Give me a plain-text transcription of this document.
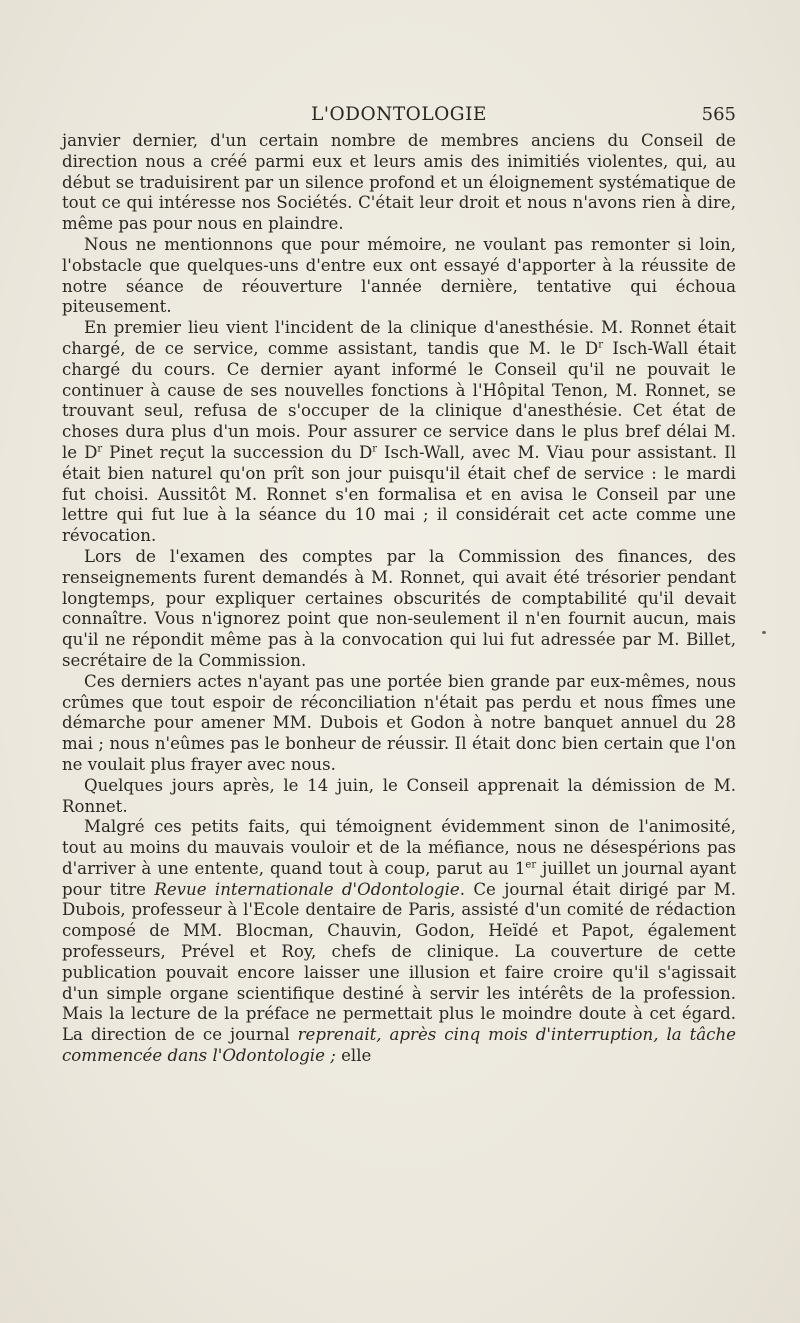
L'ODONTOLOGIE	565

janvier dernier, d'un certain nombre de membres anciens du Conseil de direction nous a créé parmi eux et leurs amis des inimitiés violentes, qui, au début se traduisirent par un silence profond et un éloignement systématique de tout ce qui intéresse nos Sociétés. C'était leur droit et nous n'avons rien à dire, même pas pour nous en plaindre.

Nous ne mentionnons que pour mémoire, ne voulant pas remonter si loin, l'obstacle que quelques-uns d'entre eux ont essayé d'apporter à la réussite de notre séance de réouverture l'année dernière, tentative qui échoua piteusement.

En premier lieu vient l'incident de la clinique d'anesthésie. M. Ronnet était chargé, de ce service, comme assistant, tandis que M. le $D^r$ Isch-Wall était chargé du cours. Ce dernier ayant informé le Conseil qu'il ne pouvait le continuer à cause de ses nouvelles fonctions à l'Hôpital Tenon, M. Ronnet, se trouvant seul, refusa de s'occuper de la clinique d'anesthésie. Cet état de choses dura plus d'un mois. Pour assurer ce service dans le plus bref délai M. le $D^r$ Pinet reçut la succession du $D^r$ Isch-Wall, avec M. Viau pour assistant. Il était bien naturel qu'on prît son jour puisqu'il était chef de service : le mardi fut choisi. Aussitôt M. Ronnet s'en formalisa et en avisa le Conseil par une lettre qui fut lue à la séance du 10 mai ; il considérait cet acte comme une révocation.

Lors de l'examen des comptes par la Commission des finances, des renseignements furent demandés à M. Ronnet, qui avait été trésorier pendant longtemps, pour expliquer certaines obscurités de comptabilité qu'il devait connaître. Vous n'ignorez point que non-seulement il n'en fournit aucun, mais qu'il ne répondit même pas à la convocation qui lui fut adressée par M. Billet, secrétaire de la Commission.

Ces derniers actes n'ayant pas une portée bien grande par eux-mêmes, nous crûmes que tout espoir de réconciliation n'était pas perdu et nous fîmes une démarche pour amener MM. Dubois et Godon à notre banquet annuel du 28 mai ; nous n'eûmes pas le bonheur de réussir. Il était donc bien certain que l'on ne voulait plus frayer avec nous.

Quelques jours après, le 14 juin, le Conseil apprenait la démission de M. Ronnet.

Malgré ces petits faits, qui témoignent évidemment sinon de l'animosité, tout au moins du mauvais vouloir et de la méfiance, nous ne désespérions pas d'arriver à une entente, quand tout à coup, parut au 1er juillet un journal ayant pour titre Revue internationale d'Odontologie. Ce journal était dirigé par M. Dubois, professeur à l'Ecole dentaire de Paris, assisté d'un comité de rédaction composé de MM. Blocman, Chauvin, Godon, Heïdé et Papot, également professeurs, Prével et Roy, chefs de clinique. La couverture de cette publication pouvait encore laisser une illusion et faire croire qu'il s'agissait d'un simple organe scientifique destiné à servir les intérêts de la profession. Mais la lecture de la préface ne permettait plus le moindre doute à cet égard. La direction de ce journal reprenait, après cinq mois d'interruption, la tâche commencée dans l'Odontologie ; elle
